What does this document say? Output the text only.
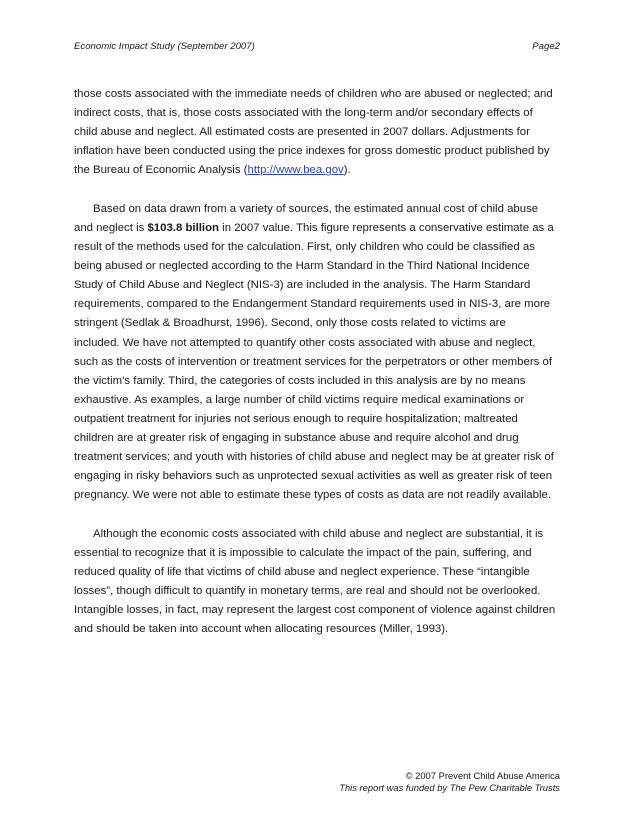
Economic Impact Study (September 2007)	Page2

those costs associated with the immediate needs of children who are abused or neglected; and
indirect costs, that is, those costs associated with the long-term and/or secondary effects of
child abuse and neglect. All estimated costs are presented in 2007 dollars. Adjustments for
inflation have been conducted using the price indexes for gross domestic product published by
the Bureau of Economic Analysis (http://www.bea.gov).

Based on data drawn from a variety of sources, the estimated annual cost of child abuse
and neglect is $103.8 billion in 2007 value. This figure represents a conservative estimate as a
result of the methods used for the calculation. First, only children who could be classified as
being abused or neglected according to the Harm Standard in the Third National Incidence
Study of Child Abuse and Neglect (NIS-3) are included in the analysis. The Harm Standard
requirements, compared to the Endangerment Standard requirements used in NIS-3, are more
stringent (Sedlak & Broadhurst, 1996). Second, only those costs related to victims are
included. We have not attempted to quantify other costs associated with abuse and neglect,
such as the costs of intervention or treatment services for the perpetrators or other members of
the victim’s family. Third, the categories of costs included in this analysis are by no means
exhaustive. As examples, a large number of child victims require medical examinations or
outpatient treatment for injuries not serious enough to require hospitalization; maltreated
children are at greater risk of engaging in substance abuse and require alcohol and drug
treatment services; and youth with histories of child abuse and neglect may be at greater risk of
engaging in risky behaviors such as unprotected sexual activities as well as greater risk of teen
pregnancy. We were not able to estimate these types of costs as data are not readily available.

Although the economic costs associated with child abuse and neglect are substantial, it is
essential to recognize that it is impossible to calculate the impact of the pain, suffering, and
reduced quality of life that victims of child abuse and neglect experience. These “intangible
losses”, though difficult to quantify in monetary terms, are real and should not be overlooked.
Intangible losses, in fact, may represent the largest cost component of violence against children
and should be taken into account when allocating resources (Miller, 1993).

© 2007 Prevent Child Abuse America
This report was funded by The Pew Charitable Trusts
